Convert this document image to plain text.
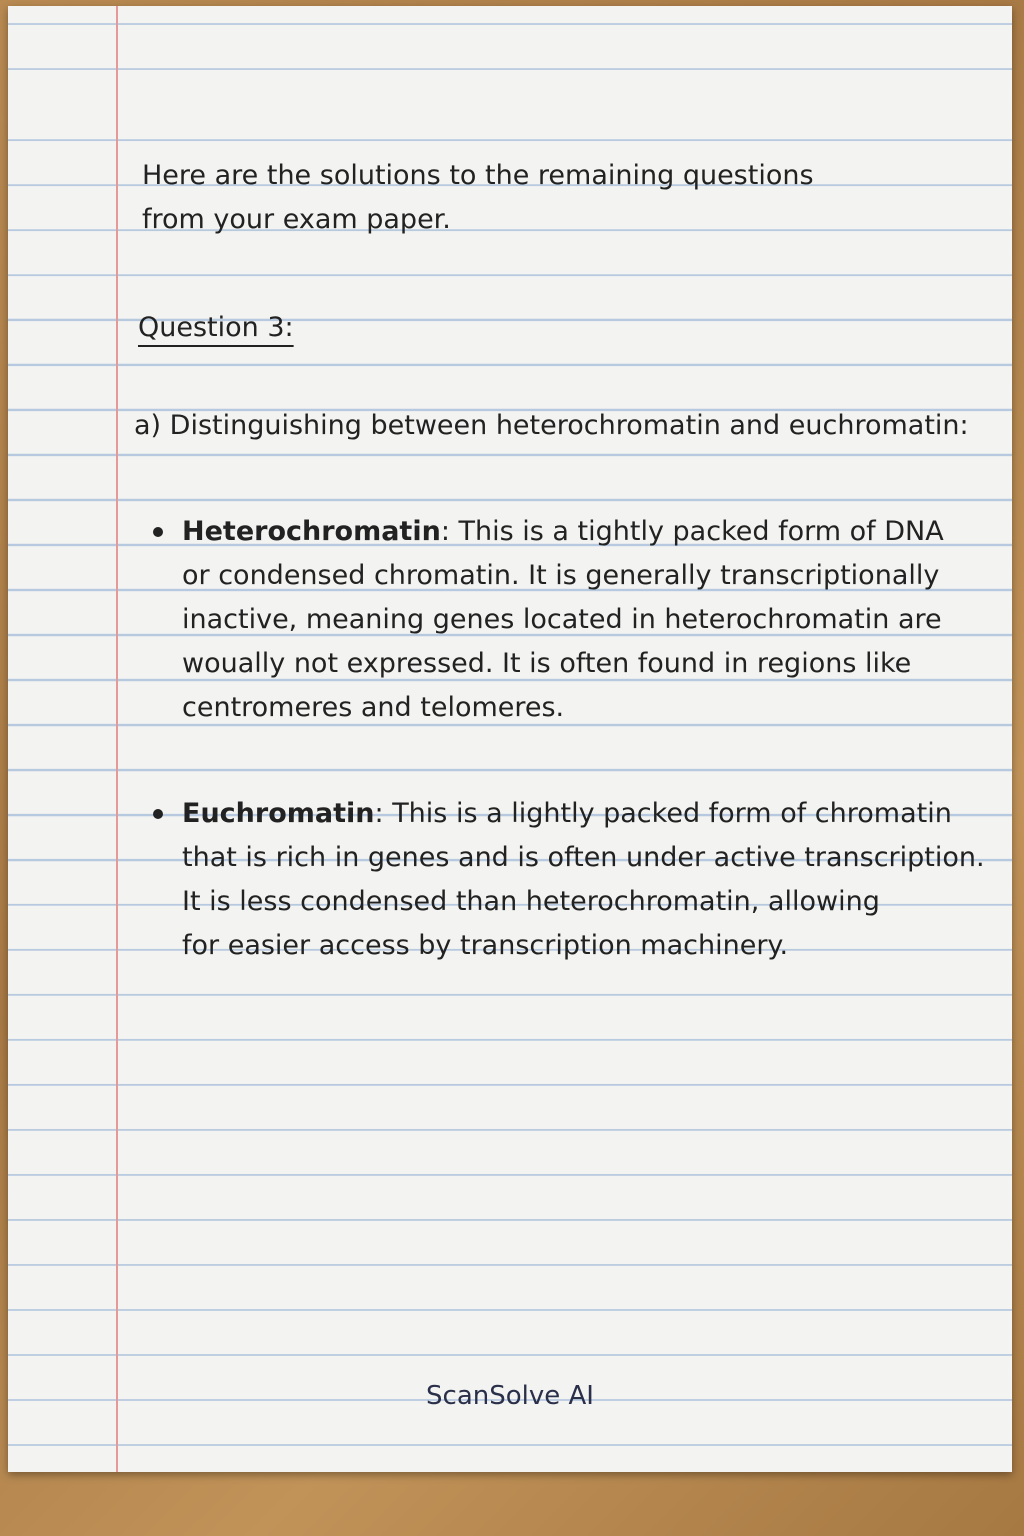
Here are the solutions to the remaining questions
from your exam paper.
Question 3:
a) Distinguishing between heterochromatin and euchromatin:
Heterochromatin: This is a tightly packed form of DNA
or condensed chromatin. It is generally transcriptionally
inactive, meaning genes located in heterochromatin are
woually not expressed. It is often found in regions like
centromeres and telomeres.
Euchromatin: This is a lightly packed form of chromatin
that is rich in genes and is often under active transcription.
It is less condensed than heterochromatin, allowing
for easier access by transcription machinery.
ScanSolve AI
